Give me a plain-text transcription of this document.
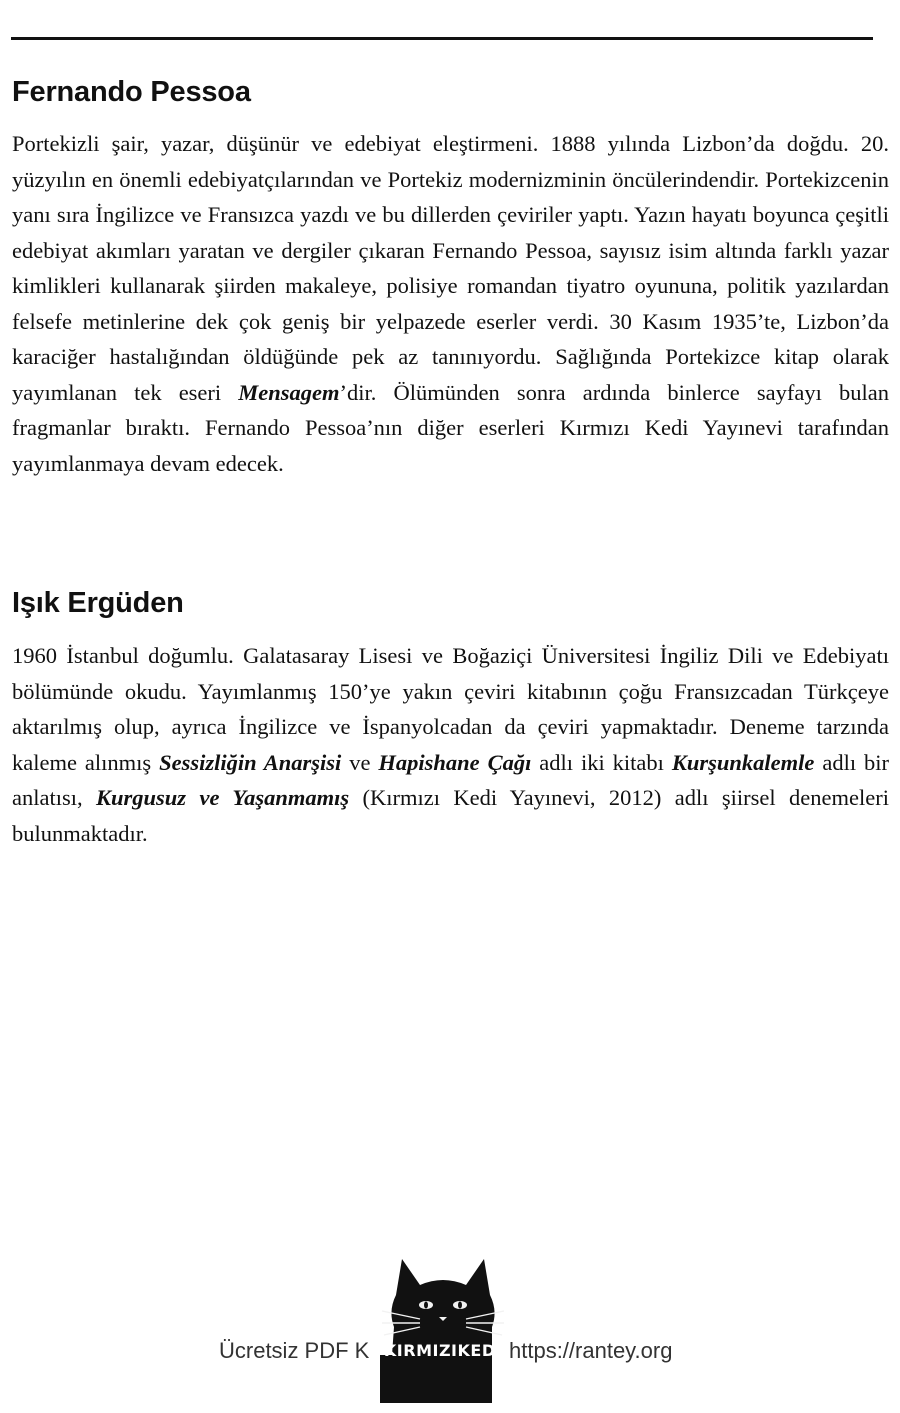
Fernando Pessoa

Portekizli şair, yazar, düşünür ve edebiyat eleştirmeni. 1888 yılında Lizbon’da doğdu. 20. yüzyılın en önemli edebiyatçılarından ve Portekiz modernizminin öncülerindendir. Portekizcenin yanı sıra İngilizce ve Fransızca yazdı ve bu dillerden çeviriler yaptı. Yazın hayatı boyunca çeşitli edebiyat akımları yaratan ve dergiler çıkaran Fernando Pessoa, sayısız isim altında farklı yazar kimlikleri kullanarak şiirden makaleye, polisiye romandan tiyatro oyununa, politik yazılardan felsefe metinlerine dek çok geniş bir yelpazede eserler verdi. 30 Kasım 1935’te, Lizbon’da karaciğer hastalığından öldüğünde pek az tanınıyordu. Sağlığında Portekizce kitap olarak yayımlanan tek eseri Mensagem’dir. Ölümünden sonra ardında binlerce sayfayı bulan fragmanlar bıraktı. Fernando Pessoa’nın diğer eserleri Kırmızı Kedi Yayınevi tarafından yayımlanmaya devam edecek.

Işık Ergüden

1960 İstanbul doğumlu. Galatasaray Lisesi ve Boğaziçi Üniversitesi İngiliz Dili ve Edebiyatı bölümünde okudu. Yayımlanmış 150’ye yakın çeviri kitabının çoğu Fransızcadan Türkçeye aktarılmış olup, ayrıca İngilizce ve İspanyolcadan da çeviri yapmaktadır. Deneme tarzında kaleme alınmış Sessizliğin Anarşisi ve Hapishane Çağı adlı iki kitabı Kurşunkalemle adlı bir anlatısı, Kurgusuz ve Yaşanmamış (Kırmızı Kedi Yayınevi, 2012) adlı şiirsel denemeleri bulunmaktadır.

KIRMIZIKEDI
Ücretsiz PDF K	https://rantey.org
